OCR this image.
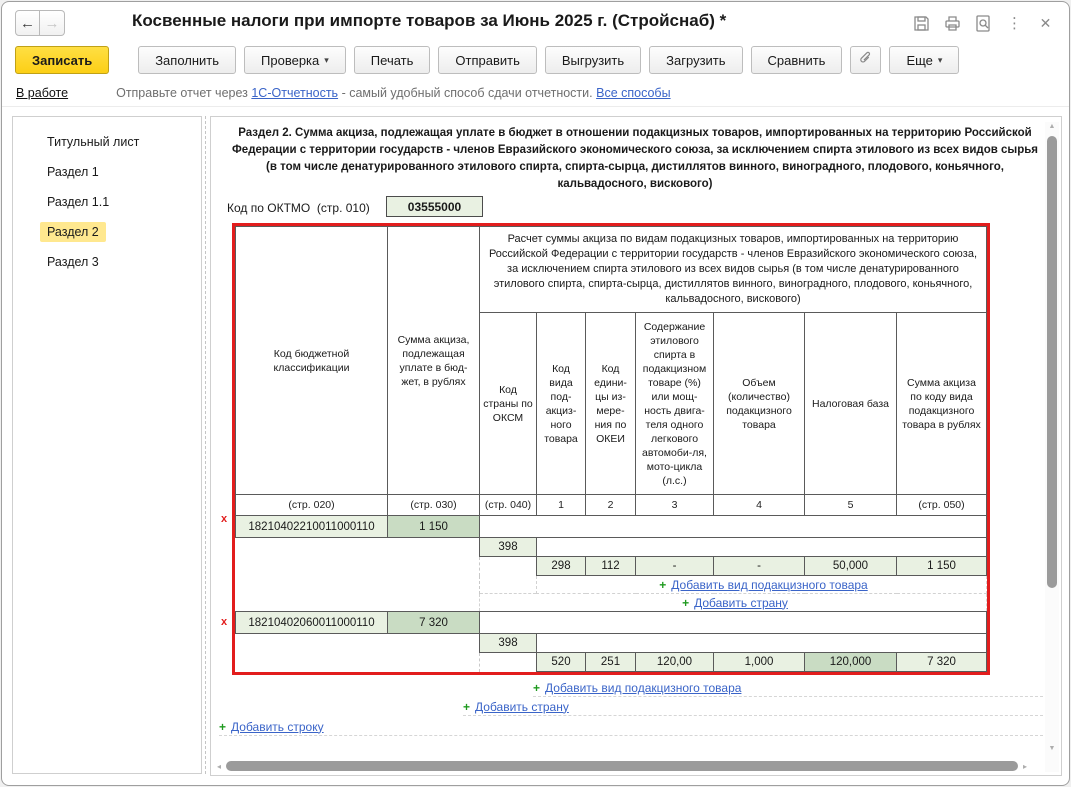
← →	Косвенные налоги при импорте товаров за Июнь 2025 г. (Стройснаб) *	⋮ ✕
Записать	Заполнить	Проверка ▾	Печать	Отправить	Выгрузить	Загрузить	Сравнить	Еще ▾
В работе	Отправьте отчет через 1С-Отчетность - самый удобный способ сдачи отчетности. Все способы
Титульный лист
Раздел 1
Раздел 1.1
Раздел 2
Раздел 3
Раздел 2. Сумма акциза, подлежащая уплате в бюджет в отношении подакцизных товаров, импортированных на территорию Российской Федерации с территории государств - членов Евразийского экономического союза, за исключением спирта этилового из всех видов сырья (в том числе денатурированного этилового спирта, спирта-сырца, дистиллятов винного, виноградного, плодового, коньячного, кальвадосного, вискового)
Код по ОКТМО
(стр. 010)	03555000
х
х
Код бюджетной классификации	Сумма акциза, подлежащая уплате в бюд-жет, в рублях	Расчет суммы акциза по видам подакцизных товаров, импортированных на территорию Российской Федерации с территории государств - членов Евразийского экономического союза, за исключением спирта этилового из всех видов сырья (в том числе денатурированного этилового спирта, спирта-сырца, дистиллятов винного, виноградного, плодового, коньячного, кальвадосного, вискового)						
		Код страны по ОКСМ	Код вида под-акциз-ного товара	Код едини-цы из-мере-ния по ОКЕИ	Содержание этилового спирта в подакцизном товаре (%) или мощ-ность двига-теля одного легкового автомоби-ля, мото-цикла (л.с.)	Объем (количество) подакцизного товара	Налоговая база	Сумма акциза по коду вида подакцизного товара в рублях
(стр. 020)	(стр. 030)	(стр. 040)	1	2	3	4	5	(стр. 050)
18210402210011000110	1 150							
		398						
			298	112	-	-	50,000	1 150
			+ Добавить вид подакцизного товара					
		+ Добавить страну						
18210402060011000110	7 320							
		398						
			520	251	120,00	1,000	120,000	7 320
+ Добавить вид подакцизного товара
+ Добавить страну
+ Добавить строку
▲
▼
◂	▸
